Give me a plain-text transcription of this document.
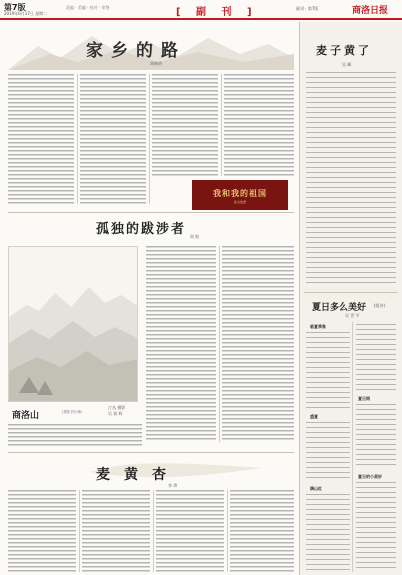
第7版
2019年6月17日 星期二
责编 · 美编 · 校对 · 审签	[ 副 刊 ]	副刊 · 第7版	商洛日报
家乡的路
周新明
我和我的祖国
征文选登
孤独的跋涉者 周 舫
商洛山	(摄影刘长峰)
汀丛 摄影
吴 春 辉
麦黄杏
李 珍
麦子黄了
吴 峰
夏日多么美好 (组诗)
吴 世 平
临夏季象
盛夏
满山红
夏日雨
夏日的小美好
